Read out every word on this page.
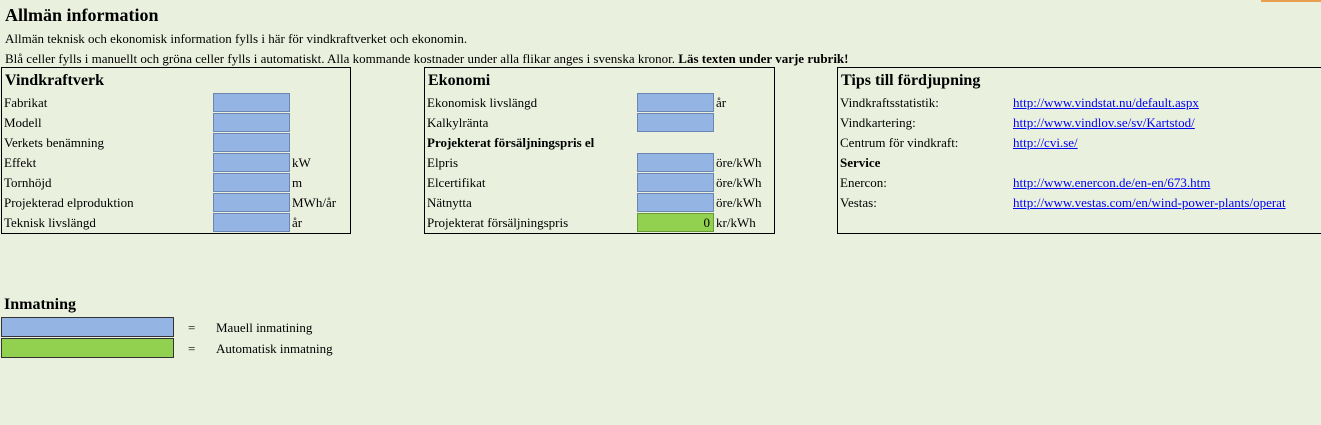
Allmän information
Allmän teknisk och ekonomisk information fylls i här för vindkraftverket och ekonomin.
Blå celler fylls i manuellt och gröna celler fylls i automatiskt. Alla kommande kostnader under alla flikar anges i svenska kronor. Läs texten under varje rubrik!
Vindkraftverk
Fabrikat
Modell
Verkets benämning
Effekt	kW
Tornhöjd	m
Projekterad elproduktion	MWh/år
Teknisk livslängd	år
Ekonomi
Ekonomisk livslängd	år
Kalkylränta
Projekterat försäljningspris el
Elpris	öre/kWh
Elcertifikat	öre/kWh
Nätnytta	öre/kWh
Projekterat försäljningspris	0 kr/kWh
Tips till fördjupning
Vindkraftsstatistik:	http://www.vindstat.nu/default.aspx
Vindkartering:	http://www.vindlov.se/sv/Kartstod/
Centrum för vindkraft:	http://cvi.se/
Service
Enercon:	http://www.enercon.de/en-en/673.htm
Vestas:	http://www.vestas.com/en/wind-power-plants/operat
Inmatning
= Mauell inmatining
= Automatisk inmatning
